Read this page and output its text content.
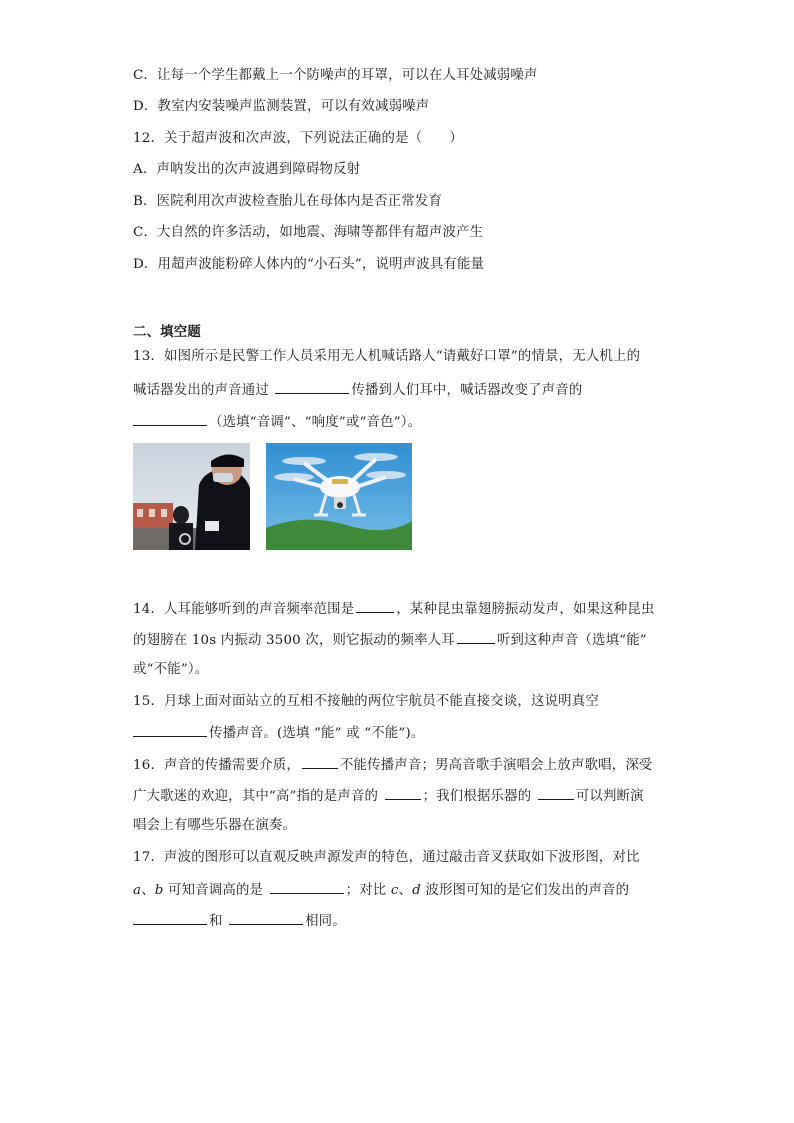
C．让每一个学生都戴上一个防噪声的耳罩，可以在人耳处减弱噪声
D．教室内安装噪声监测装置，可以有效减弱噪声
12．关于超声波和次声波，下列说法正确的是（　　）
A．声呐发出的次声波遇到障碍物反射
B．医院利用次声波检查胎儿在母体内是否正常发育
C．大自然的许多活动，如地震、海啸等都伴有超声波产生
D．用超声波能粉碎人体内的“小石头”，说明声波具有能量
二、填空题
13．如图所示是民警工作人员采用无人机喊话路人“请戴好口罩”的情景，无人机上的
喊话器发出的声音通过	传播到人们耳中，喊话器改变了声音的
（选填“音调”、“响度”或“音色”）。
14．人耳能够听到的声音频率范围是	，某种昆虫靠翅膀振动发声，如果这种昆虫
的翅膀在 10s 内振动 3500 次，则它振动的频率人耳	听到这种声音（选填“能”
或“不能”）。
15．月球上面对面站立的互相不接触的两位宇航员不能直接交谈，这说明真空
传播声音。(选填 “能” 或 “不能”)。
16．声音的传播需要介质，	不能传播声音；男高音歌手演唱会上放声歌唱，深受
广大歌迷的欢迎，其中“高”指的是声音的	；我们根据乐器的	可以判断演
唱会上有哪些乐器在演奏。
17．声波的图形可以直观反映声源发声的特色，通过敲击音叉获取如下波形图，对比
a、b 可知音调高的是	；对比 c、d 波形图可知的是它们发出的声音的
和	相同。
